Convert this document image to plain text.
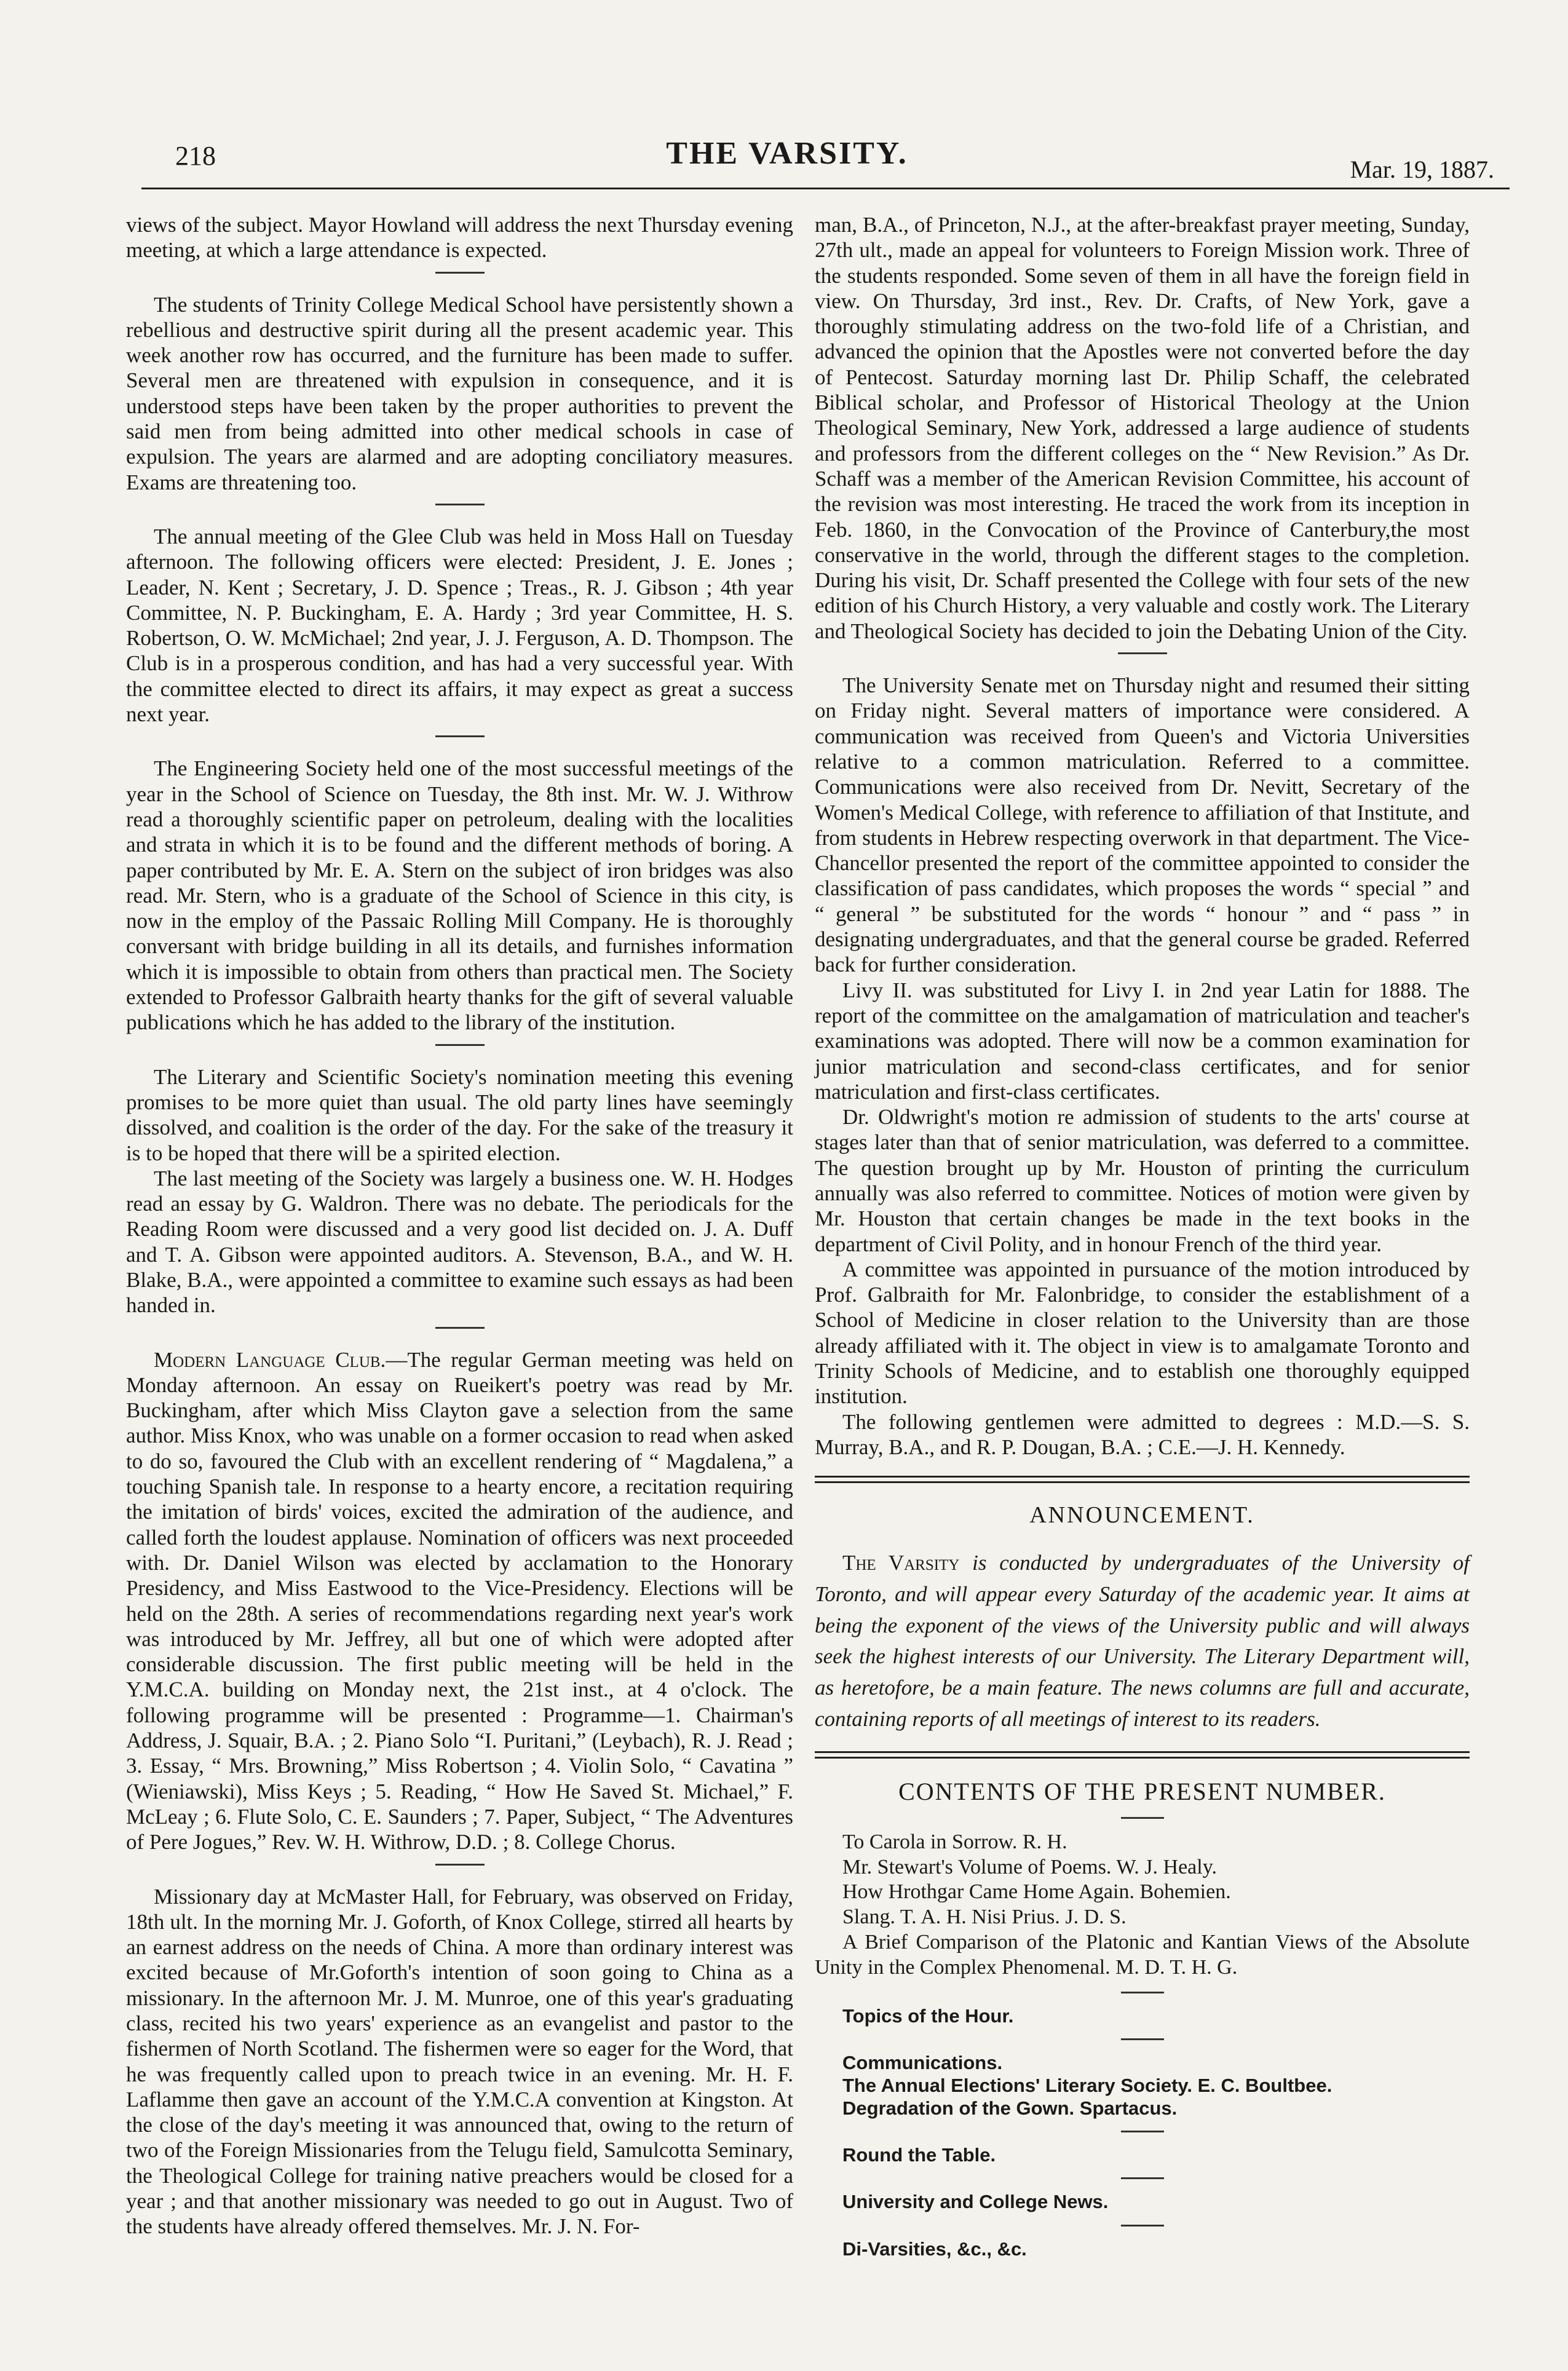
218	THE VARSITY.	Mar. 19, 1887.

views of the subject. Mayor Howland will address the next Thursday evening meeting, at which a large attendance is expected.

The students of Trinity College Medical School have persistently shown a rebellious and destructive spirit during all the present academic year. This week another row has occurred, and the furniture has been made to suffer. Several men are threatened with expulsion in consequence, and it is understood steps have been taken by the proper authorities to prevent the said men from being admitted into other medical schools in case of expulsion. The years are alarmed and are adopting conciliatory measures. Exams are threatening too.

The annual meeting of the Glee Club was held in Moss Hall on Tuesday afternoon. The following officers were elected: President, J. E. Jones ; Leader, N. Kent ; Secretary, J. D. Spence ; Treas., R. J. Gibson ; 4th year Committee, N. P. Buckingham, E. A. Hardy ; 3rd year Committee, H. S. Robertson, O. W. McMichael; 2nd year, J. J. Ferguson, A. D. Thompson. The Club is in a prosperous condition, and has had a very successful year. With the committee elected to direct its affairs, it may expect as great a success next year.

The Engineering Society held one of the most successful meetings of the year in the School of Science on Tuesday, the 8th inst. Mr. W. J. Withrow read a thoroughly scientific paper on petroleum, dealing with the localities and strata in which it is to be found and the different methods of boring. A paper contributed by Mr. E. A. Stern on the subject of iron bridges was also read. Mr. Stern, who is a graduate of the School of Science in this city, is now in the employ of the Passaic Rolling Mill Company. He is thoroughly conversant with bridge building in all its details, and furnishes information which it is impossible to obtain from others than practical men. The Society extended to Professor Galbraith hearty thanks for the gift of several valuable publications which he has added to the library of the institution.

The Literary and Scientific Society's nomination meeting this evening promises to be more quiet than usual. The old party lines have seemingly dissolved, and coalition is the order of the day. For the sake of the treasury it is to be hoped that there will be a spirited election.

The last meeting of the Society was largely a business one. W. H. Hodges read an essay by G. Waldron. There was no debate. The periodicals for the Reading Room were discussed and a very good list decided on. J. A. Duff and T. A. Gibson were appointed auditors. A. Stevenson, B.A., and W. H. Blake, B.A., were appointed a committee to examine such essays as had been handed in.

Modern Language Club.—The regular German meeting was held on Monday afternoon. An essay on Rueikert's poetry was read by Mr. Buckingham, after which Miss Clayton gave a selection from the same author. Miss Knox, who was unable on a former occasion to read when asked to do so, favoured the Club with an excellent rendering of “ Magdalena,” a touching Spanish tale. In response to a hearty encore, a recitation requiring the imitation of birds' voices, excited the admiration of the audience, and called forth the loudest applause. Nomination of officers was next proceeded with. Dr. Daniel Wilson was elected by acclamation to the Honorary Presidency, and Miss Eastwood to the Vice-Presidency. Elections will be held on the 28th. A series of recommendations regarding next year's work was introduced by Mr. Jeffrey, all but one of which were adopted after considerable discussion. The first public meeting will be held in the Y.M.C.A. building on Monday next, the 21st inst., at 4 o'clock. The following programme will be presented : Programme—1. Chairman's Address, J. Squair, B.A. ; 2. Piano Solo “I. Puritani,” (Leybach), R. J. Read ; 3. Essay, “ Mrs. Browning,” Miss Robertson ; 4. Violin Solo, “ Cavatina ” (Wieniawski), Miss Keys ; 5. Reading, “ How He Saved St. Michael,” F. McLeay ; 6. Flute Solo, C. E. Saunders ; 7. Paper, Subject, “ The Adventures of Pere Jogues,” Rev. W. H. Withrow, D.D. ; 8. College Chorus.

Missionary day at McMaster Hall, for February, was observed on Friday, 18th ult. In the morning Mr. J. Goforth, of Knox College, stirred all hearts by an earnest address on the needs of China. A more than ordinary interest was excited because of Mr.Goforth's intention of soon going to China as a missionary. In the afternoon Mr. J. M. Munroe, one of this year's graduating class, recited his two years' experience as an evangelist and pastor to the fishermen of North Scotland. The fishermen were so eager for the Word, that he was frequently called upon to preach twice in an evening. Mr. H. F. Laflamme then gave an account of the Y.M.C.A convention at Kingston. At the close of the day's meeting it was announced that, owing to the return of two of the Foreign Missionaries from the Telugu field, Samulcotta Seminary, the Theological College for training native preachers would be closed for a year ; and that another missionary was needed to go out in August. Two of the students have already offered themselves. Mr. J. N. For-

man, B.A., of Princeton, N.J., at the after-breakfast prayer meeting, Sunday, 27th ult., made an appeal for volunteers to Foreign Mission work. Three of the students responded. Some seven of them in all have the foreign field in view. On Thursday, 3rd inst., Rev. Dr. Crafts, of New York, gave a thoroughly stimulating address on the two-fold life of a Christian, and advanced the opinion that the Apostles were not converted before the day of Pentecost. Saturday morning last Dr. Philip Schaff, the celebrated Biblical scholar, and Professor of Historical Theology at the Union Theological Seminary, New York, addressed a large audience of students and professors from the different colleges on the “ New Revision.” As Dr. Schaff was a member of the American Revision Committee, his account of the revision was most interesting. He traced the work from its inception in Feb. 1860, in the Convocation of the Province of Canterbury,the most conservative in the world, through the different stages to the completion. During his visit, Dr. Schaff presented the College with four sets of the new edition of his Church History, a very valuable and costly work. The Literary and Theological Society has decided to join the Debating Union of the City.

The University Senate met on Thursday night and resumed their sitting on Friday night. Several matters of importance were considered. A communication was received from Queen's and Victoria Universities relative to a common matriculation. Referred to a committee. Communications were also received from Dr. Nevitt, Secretary of the Women's Medical College, with reference to affiliation of that Institute, and from students in Hebrew respecting overwork in that department. The Vice-Chancellor presented the report of the committee appointed to consider the classification of pass candidates, which proposes the words “ special ” and “ general ” be substituted for the words “ honour ” and “ pass ” in designating undergraduates, and that the general course be graded. Referred back for further consideration.

Livy II. was substituted for Livy I. in 2nd year Latin for 1888. The report of the committee on the amalgamation of matriculation and teacher's examinations was adopted. There will now be a common examination for junior matriculation and second-class certificates, and for senior matriculation and first-class certificates.

Dr. Oldwright's motion re admission of students to the arts' course at stages later than that of senior matriculation, was deferred to a committee. The question brought up by Mr. Houston of printing the curriculum annually was also referred to committee. Notices of motion were given by Mr. Houston that certain changes be made in the text books in the department of Civil Polity, and in honour French of the third year.

A committee was appointed in pursuance of the motion introduced by Prof. Galbraith for Mr. Falonbridge, to consider the establishment of a School of Medicine in closer relation to the University than are those already affiliated with it. The object in view is to amalgamate Toronto and Trinity Schools of Medicine, and to establish one thoroughly equipped institution.

The following gentlemen were admitted to degrees : M.D.—S. S. Murray, B.A., and R. P. Dougan, B.A. ; C.E.—J. H. Kennedy.

ANNOUNCEMENT.

The Varsity is conducted by undergraduates of the University of Toronto, and will appear every Saturday of the academic year. It aims at being the exponent of the views of the University public and will always seek the highest interests of our University. The Literary Department will, as heretofore, be a main feature. The news columns are full and accurate, containing reports of all meetings of interest to its readers.

CONTENTS OF THE PRESENT NUMBER.

To Carola in Sorrow. R. H.

Mr. Stewart's Volume of Poems. W. J. Healy.

How Hrothgar Came Home Again. Bohemien.

Slang. T. A. H. Nisi Prius. J. D. S.

A Brief Comparison of the Platonic and Kantian Views of the Absolute Unity in the Complex Phenomenal. M. D. T. H. G.

Topics of the Hour.

Communications.

The Annual Elections' Literary Society. E. C. Boultbee.

Degradation of the Gown. Spartacus.

Round the Table.

University and College News.

Di-Varsities, &c., &c.
